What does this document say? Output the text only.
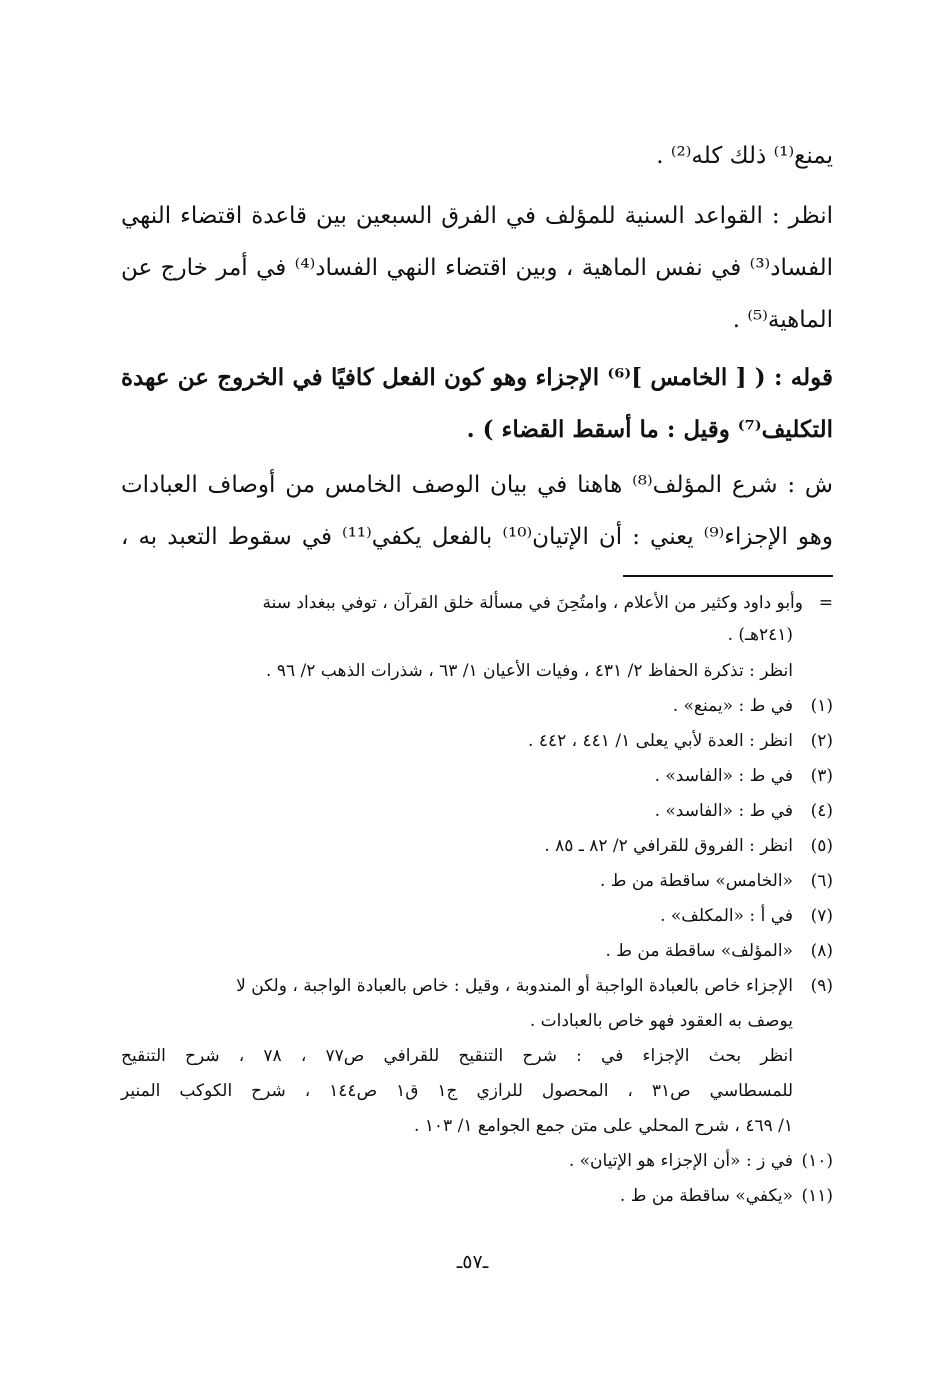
يمنع⁽¹⁾ ذلك كله⁽²⁾ .
انظر : القواعد السنية للمؤلف في الفرق السبعين بين قاعدة اقتضاء النهي
الفساد⁽³⁾ في نفس الماهية ، وبين اقتضاء النهي الفساد⁽⁴⁾ في أمر خارج عن
الماهية⁽⁵⁾ .
قوله : ( [ الخامس ]⁽⁶⁾ الإجزاء وهو كون الفعل كافيًا في الخروج عن عهدة
التكليف⁽⁷⁾ وقيل : ما أسقط القضاء ) .
ش : شرع المؤلف⁽⁸⁾ هاهنا في بيان الوصف الخامس من أوصاف العبادات
وهو الإجزاء⁽⁹⁾ يعني : أن الإتيان⁽¹⁰⁾ بالفعل يكفي⁽¹¹⁾ في سقوط التعبد به ،
=وأبو داود وكثير من الأعلام ، وامتُحِنَ في مسألة خلق القرآن ، توفي ببغداد سنة
(٢٤١هـ) .
انظر : تذكرة الحفاظ ٢/ ٤٣١ ، وفيات الأعيان ١/ ٦٣ ، شذرات الذهب ٢/ ٩٦ .
(١)في ط : «يمنع» .
(٢)انظر : العدة لأبي يعلى ١/ ٤٤١ ، ٤٤٢ .
(٣)في ط : «الفاسد» .
(٤)في ط : «الفاسد» .
(٥)انظر : الفروق للقرافي ٢/ ٨٢ ـ ٨٥ .
(٦)«الخامس» ساقطة من ط .
(٧)في أ : «المكلف» .
(٨)«المؤلف» ساقطة من ط .
(٩)الإجزاء خاص بالعبادة الواجبة أو المندوبة ، وقيل : خاص بالعبادة الواجبة ، ولكن لا
يوصف به العقود فهو خاص بالعبادات .
انظر بحث الإجزاء في : شرح التنقيح للقرافي ص٧٧ ، ٧٨ ، شرح التنقيح
للمسطاسي ص٣١ ، المحصول للرازي ج١ ق١ ص١٤٤ ، شرح الكوكب المنير
١/ ٤٦٩ ، شرح المحلي على متن جمع الجوامع ١/ ١٠٣ .
(١٠)في ز : «أن الإجزاء هو الإتيان» .
(١١)«يكفي» ساقطة من ط .
ـ٥٧ـ
